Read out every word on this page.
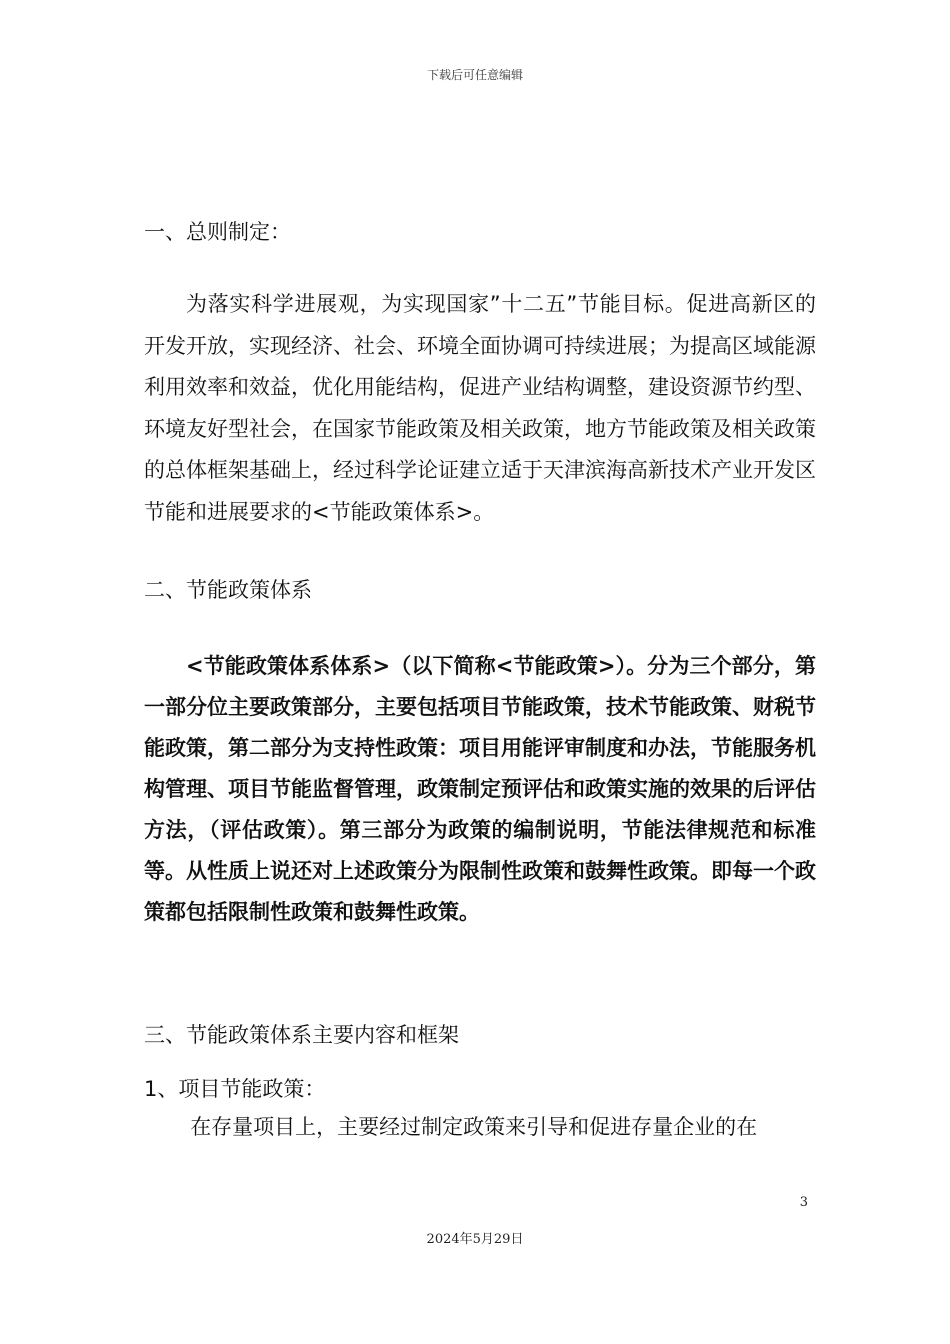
下载后可任意编辑

一、总则制定：

为落实科学进展观，为实现国家”十二五”节能目标。促进高新区的开发开放，实现经济、社会、环境全面协调可持续进展；为提高区域能源利用效率和效益，优化用能结构，促进产业结构调整，建设资源节约型、环境友好型社会，在国家节能政策及相关政策，地方节能政策及相关政策的总体框架基础上，经过科学论证建立适于天津滨海高新技术产业开发区节能和进展要求的<节能政策体系>。

二、节能政策体系

<节能政策体系体系>（以下简称<节能政策>）。分为三个部分，第一部分位主要政策部分，主要包括项目节能政策，技术节能政策、财税节能政策，第二部分为支持性政策：项目用能评审制度和办法，节能服务机构管理、项目节能监督管理，政策制定预评估和政策实施的效果的后评估方法，（评估政策）。第三部分为政策的编制说明，节能法律规范和标准等。从性质上说还对上述政策分为限制性政策和鼓舞性政策。即每一个政策都包括限制性政策和鼓舞性政策。

三、节能政策体系主要内容和框架

1、项目节能政策：

在存量项目上，主要经过制定政策来引导和促进存量企业的在

3
2024年5月29日
